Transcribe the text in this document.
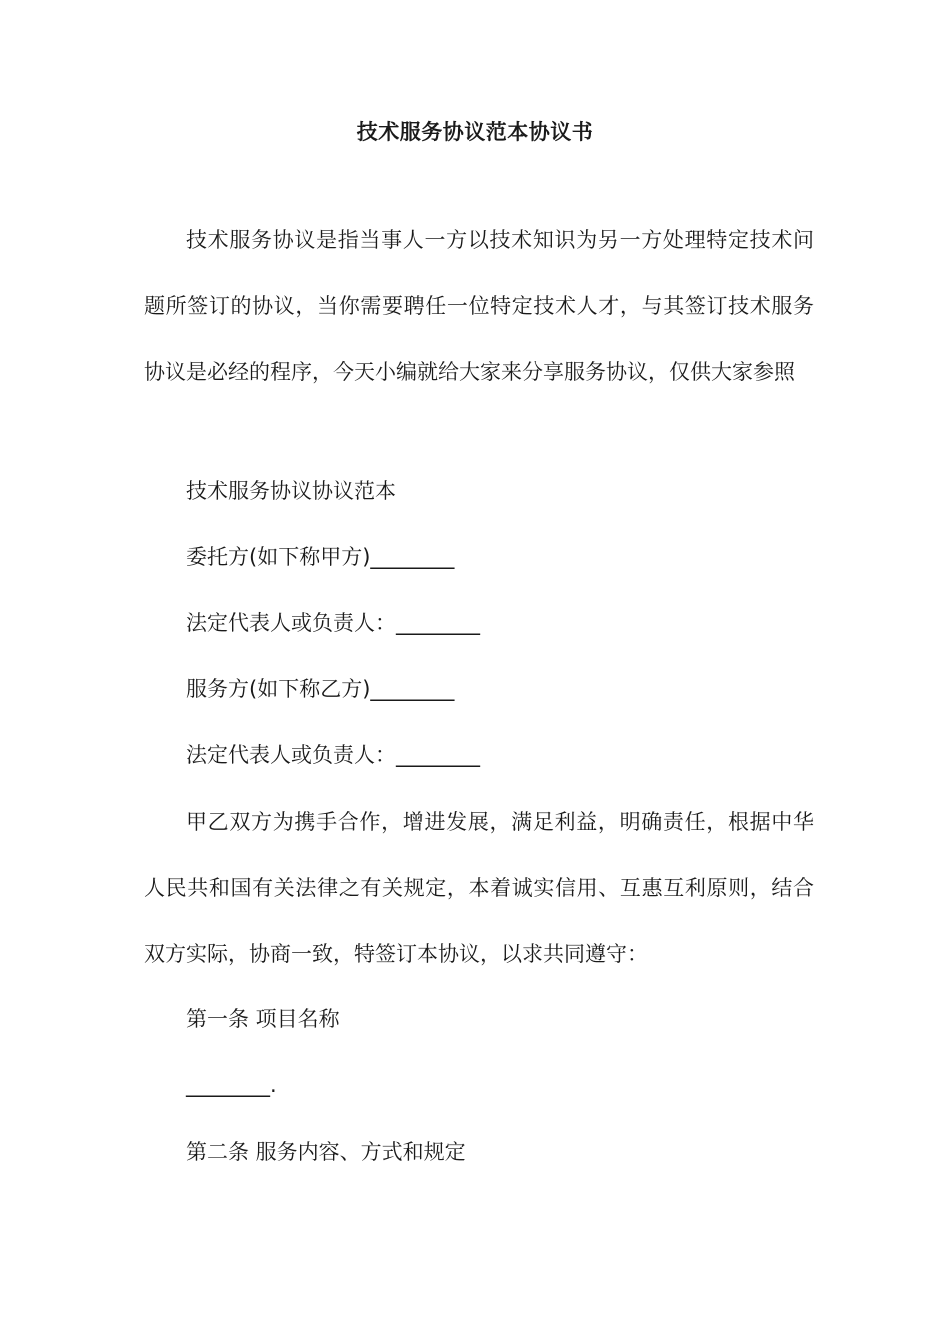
技术服务协议范本协议书

技术服务协议是指当事人一方以技术知识为另一方处理特定技术问题所签订的协议，当你需要聘任一位特定技术人才，与其签订技术服务协议是必经的程序，今天小编就给大家来分享服务协议，仅供大家参照

技术服务协议协议范本

委托方(如下称甲方)________

法定代表人或负责人：________

服务方(如下称乙方)________

法定代表人或负责人：________

甲乙双方为携手合作，增进发展，满足利益，明确责任，根据中华人民共和国有关法律之有关规定，本着诚实信用、互惠互利原则，结合双方实际，协商一致，特签订本协议，以求共同遵守：

第一条 项目名称

________.

第二条 服务内容、方式和规定
